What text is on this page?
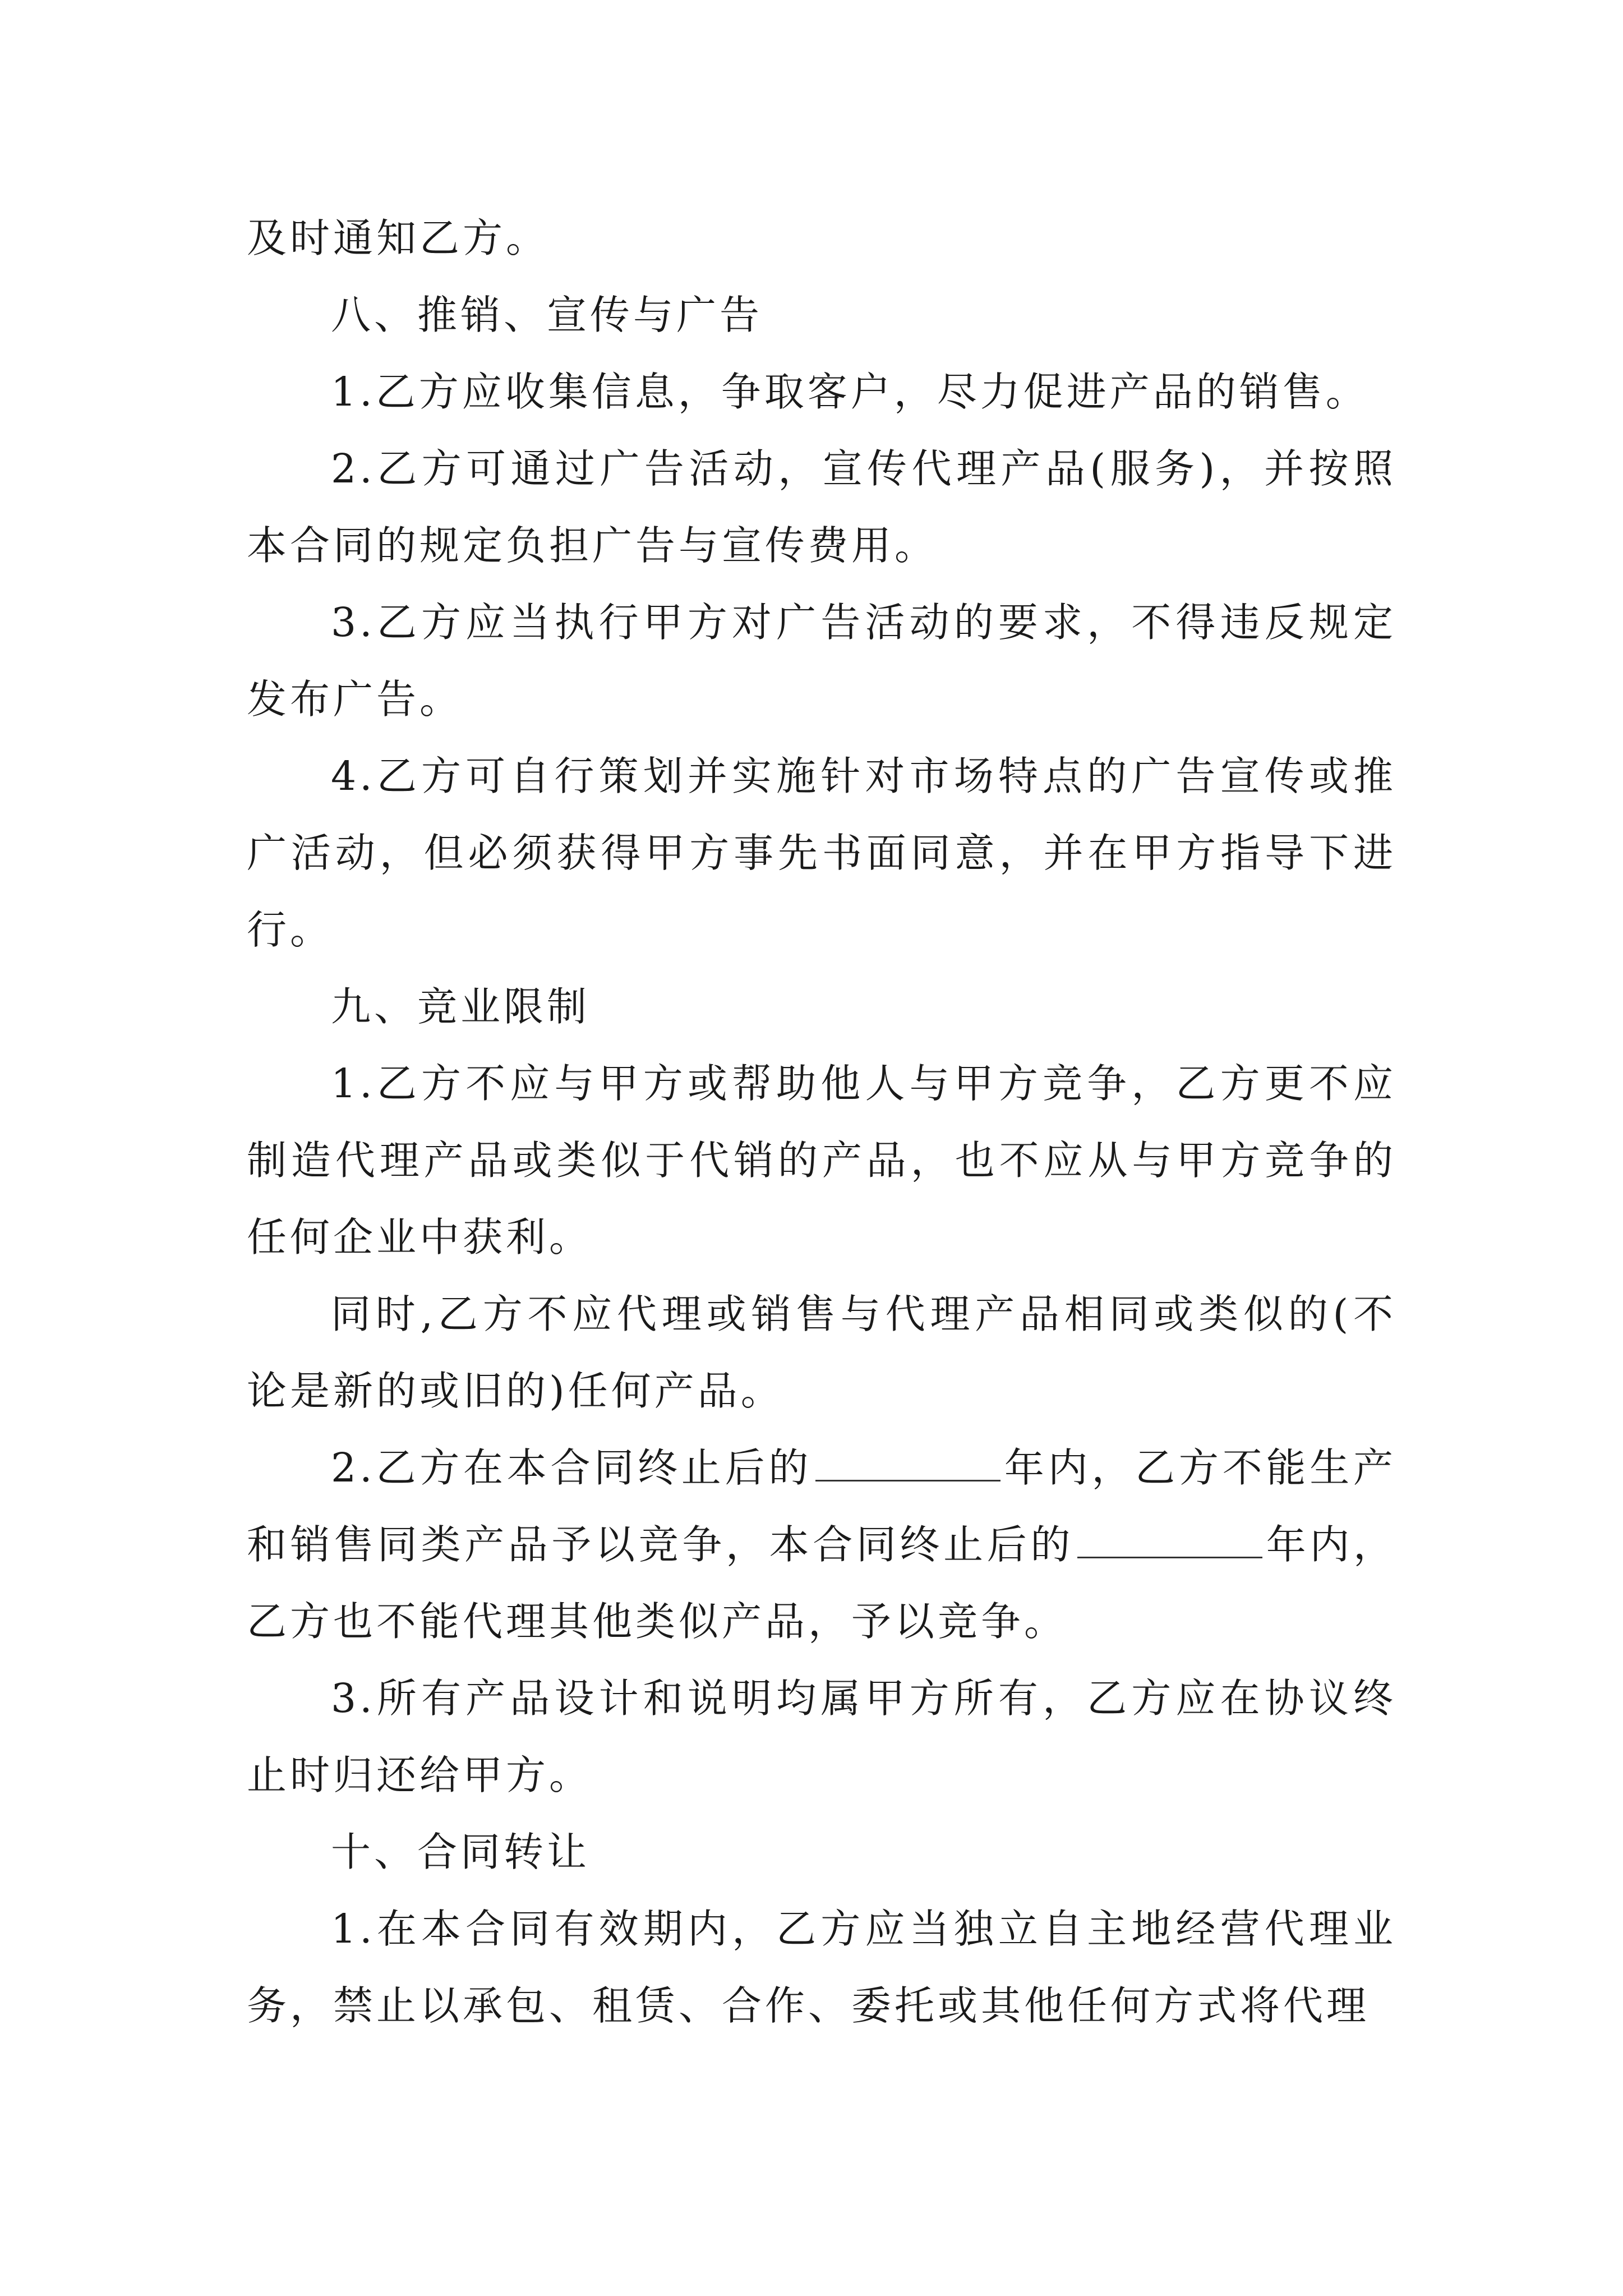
及时通知乙方。

八、推销、宣传与广告

1.乙方应收集信息，争取客户，尽力促进产品的销售。

2.乙方可通过广告活动，宣传代理产品(服务)，并按照本合同的规定负担广告与宣传费用。

3.乙方应当执行甲方对广告活动的要求，不得违反规定发布广告。

4.乙方可自行策划并实施针对市场特点的广告宣传或推广活动，但必须获得甲方事先书面同意，并在甲方指导下进行。

九、竞业限制

1.乙方不应与甲方或帮助他人与甲方竞争，乙方更不应制造代理产品或类似于代销的产品，也不应从与甲方竞争的任何企业中获利。

同时,乙方不应代理或销售与代理产品相同或类似的(不论是新的或旧的)任何产品。

2.乙方在本合同终止后的	年内，乙方不能生产和销售同类产品予以竞争，本合同终止后的	年内，乙方也不能代理其他类似产品，予以竞争。

3.所有产品设计和说明均属甲方所有，乙方应在协议终止时归还给甲方。

十、合同转让

1.在本合同有效期内，乙方应当独立自主地经营代理业务，禁止以承包、租赁、合作、委托或其他任何方式将代理
